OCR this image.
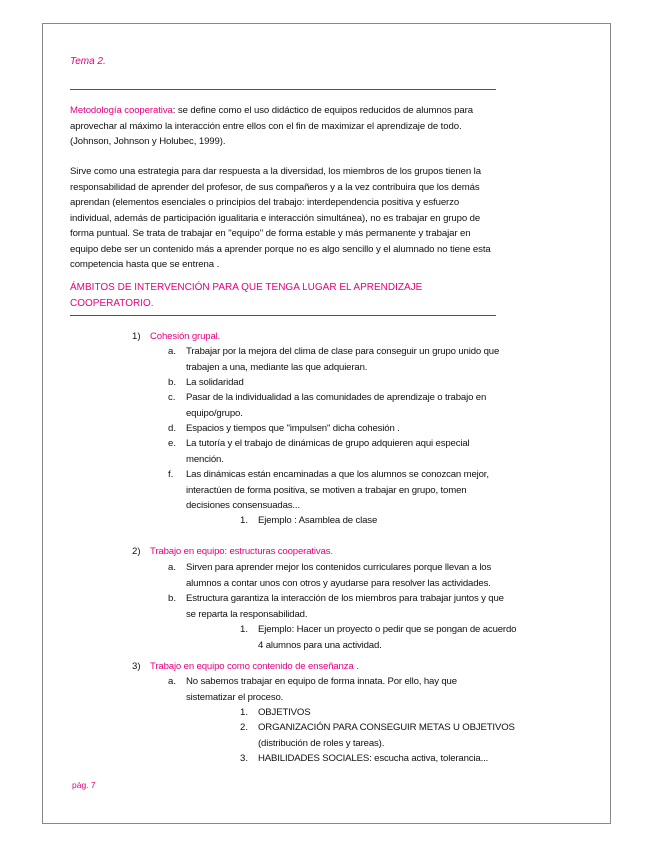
Tema 2.
Metodología cooperativa: se define como el uso didáctico de equipos reducidos de alumnos para aprovechar al máximo la interacción entre ellos con el fin de maximizar el aprendizaje de todo. (Johnson, Johnson y Holubec, 1999).
Sirve como una estrategia para dar respuesta a la diversidad, los miembros de los grupos tienen la responsabilidad de aprender del profesor, de sus compañeros y a la vez contribuira que los demás aprendan (elementos esenciales o principios del trabajo: interdependencia positiva y esfuerzo individual, además de participación igualitaria e interacción simultánea), no es trabajar en grupo de forma puntual. Se trata de trabajar en "equipo" de forma estable y más permanente y trabajar en equipo debe ser un contenido más a aprender porque no es algo sencillo y el alumnado no tiene esta competencia hasta que se entrena .
ÁMBITOS DE INTERVENCIÓN PARA QUE TENGA LUGAR EL APRENDIZAJE COOPERATORIO.
1) Cohesión grupal.
a. Trabajar por la mejora del clima de clase para conseguir un grupo unido que
trabajen a una, mediante las que adquieran.
b. La solidaridad
c. Pasar de la individualidad a las comunidades de aprendizaje o trabajo en
equipo/grupo.
d. Espacios y tiempos que "impulsen" dicha cohesión .
e. La tutoría y el trabajo de dinámicas de grupo adquieren aqui especial
mención.
f. Las dinámicas están encaminadas a que los alumnos se conozcan mejor,
interactúen de forma positiva, se motiven a trabajar en grupo, tomen
decisiones consensuadas...
1. Ejemplo : Asamblea de clase
2) Trabajo en equipo: estructuras cooperativas.
a. Sirven para aprender mejor los contenidos curriculares porque llevan a los
alumnos a contar unos con otros y ayudarse para resolver las actividades.
b. Estructura garantiza la interacción de los miembros para trabajar juntos y que
se reparta la responsabilidad.
1. Ejemplo: Hacer un proyecto o pedir que se pongan de acuerdo
4 alumnos para una actividad.
3) Trabajo en equipo como contenido de enseñanza .
a. No sabemos trabajar en equipo de forma innata. Por ello, hay que
sistematizar el proceso.
1. OBJETIVOS
2. ORGANIZACIÓN PARA CONSEGUIR METAS U OBJETIVOS
(distribución de roles y tareas).
3. HABILIDADES SOCIALES: escucha activa, tolerancia...
pág. 7
